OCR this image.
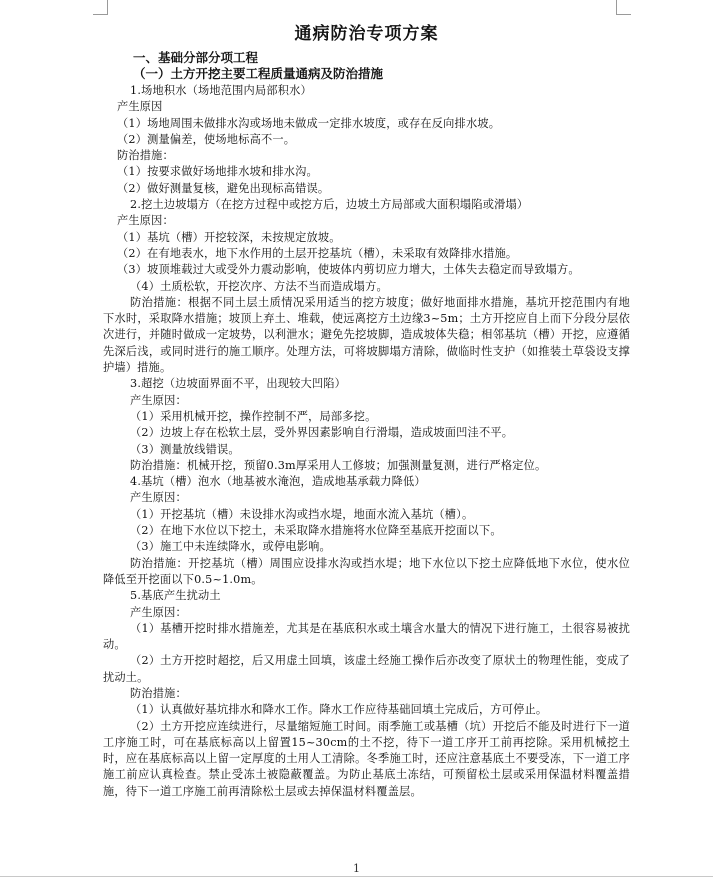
通病防治专项方案
一、基础分部分项工程
（一）土方开挖主要工程质量通病及防治措施
1.场地积水（场地范围内局部积水）
产生原因
（1）场地周围未做排水沟或场地未做成一定排水坡度，或存在反向排水坡。
（2）测量偏差，使场地标高不一。
防治措施：
（1）按要求做好场地排水坡和排水沟。
（2）做好测量复核，避免出现标高错误。
2.挖土边坡塌方（在挖方过程中或挖方后，边坡土方局部或大面积塌陷或滑塌）
产生原因：
（1）基坑（槽）开挖较深，未按规定放坡。
（2）在有地表水，地下水作用的土层开挖基坑（槽），未采取有效降排水措施。
（3）坡顶堆载过大或受外力震动影响，使坡体内剪切应力增大，土体失去稳定而导致塌方。
（4）土质松软，开挖次序、方法不当而造成塌方。
防治措施：根据不同土层土质情况采用适当的挖方坡度；做好地面排水措施，基坑开挖范围内有地下水时，采取降水措施；坡顶上弃土、堆载，使远离挖方土边缘3~5m；土方开挖应自上而下分段分层依次进行，并随时做成一定坡势，以利泄水；避免先挖坡脚，造成坡体失稳；相邻基坑（槽）开挖，应遵循先深后浅，或同时进行的施工顺序。处理方法，可将坡脚塌方清除，做临时性支护（如推装土草袋设支撑护墙）措施。
3.超挖（边坡面界面不平，出现较大凹陷）
产生原因：
（1）采用机械开挖，操作控制不严，局部多挖。
（2）边坡上存在松软土层，受外界因素影响自行滑塌，造成坡面凹洼不平。
（3）测量放线错误。
防治措施：机械开挖，预留0.3m厚采用人工修坡；加强测量复测，进行严格定位。
4.基坑（槽）泡水（地基被水淹泡，造成地基承载力降低）
产生原因：
（1）开挖基坑（槽）未设排水沟或挡水堤，地面水流入基坑（槽）。
（2）在地下水位以下挖土，未采取降水措施将水位降至基底开挖面以下。
（3）施工中未连续降水，或停电影响。
防治措施：开挖基坑（槽）周围应设排水沟或挡水堤；地下水位以下挖土应降低地下水位，使水位降低至开挖面以下0.5~1.0m。
5.基底产生扰动土
产生原因：
（1）基槽开挖时排水措施差，尤其是在基底积水或土壤含水量大的情况下进行施工，土很容易被扰动。
（2）土方开挖时超挖，后又用虚土回填，该虚土经施工操作后亦改变了原状土的物理性能，变成了扰动土。
防治措施：
（1）认真做好基坑排水和降水工作。降水工作应待基础回填土完成后，方可停止。
（2）土方开挖应连续进行，尽量缩短施工时间。雨季施工或基槽（坑）开挖后不能及时进行下一道工序施工时，可在基底标高以上留置15~30cm的土不挖，待下一道工序开工前再挖除。采用机械挖土时，应在基底标高以上留一定厚度的土用人工清除。冬季施工时，还应注意基底土不要受冻，下一道工序施工前应认真检查。禁止受冻土被隐蔽覆盖。为防止基底土冻结，可预留松土层或采用保温材料覆盖措施，待下一道工序施工前再清除松土层或去掉保温材料覆盖层。
1
